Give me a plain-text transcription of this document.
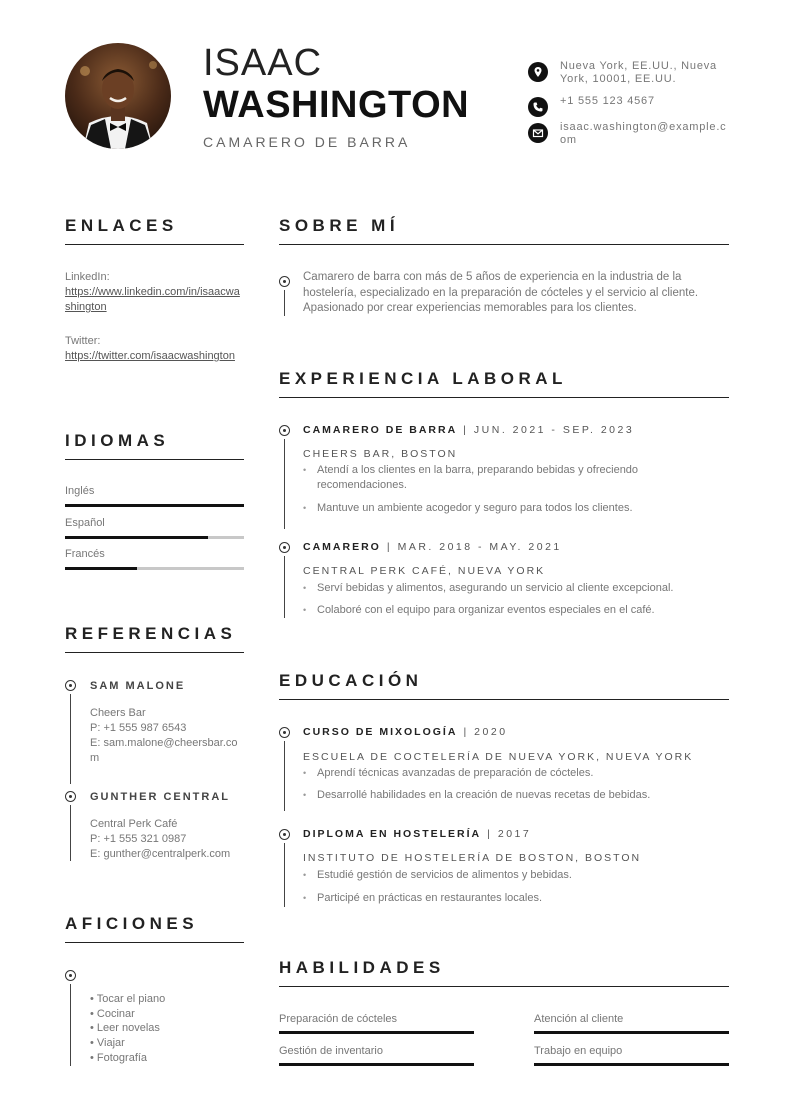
ISAAC
WASHINGTON
CAMARERO DE BARRA
Nueva York, EE.UU., Nueva York, 10001, EE.UU.
+1 555 123 4567
isaac.washington@example.com
ENLACES
LinkedIn:
https://www.linkedin.com/in/isaacwashington
Twitter:
https://twitter.com/isaacwashington
IDIOMAS
Inglés
Español
Francés
REFERENCIAS
SAM MALONE
Cheers Bar
P: +1 555 987 6543
E: sam.malone@cheersbar.com
GUNTHER CENTRAL
Central Perk Café
P: +1 555 321 0987
E: gunther@centralperk.com
AFICIONES
• Tocar el piano
• Cocinar
• Leer novelas
• Viajar
• Fotografía
SOBRE MÍ
Camarero de barra con más de 5 años de experiencia en la industria de la hostelería, especializado en la preparación de cócteles y el servicio al cliente. Apasionado por crear experiencias memorables para los clientes.
EXPERIENCIA LABORAL
CAMARERO DE BARRA | JUN. 2021 - SEP. 2023
CHEERS BAR, BOSTON
• Atendí a los clientes en la barra, preparando bebidas y ofreciendo recomendaciones.
• Mantuve un ambiente acogedor y seguro para todos los clientes.
CAMARERO | MAR. 2018 - MAY. 2021
CENTRAL PERK CAFÉ, NUEVA YORK
• Serví bebidas y alimentos, asegurando un servicio al cliente excepcional.
• Colaboré con el equipo para organizar eventos especiales en el café.
EDUCACIÓN
CURSO DE MIXOLOGÍA | 2020
ESCUELA DE COCTELERÍA DE NUEVA YORK, NUEVA YORK
• Aprendí técnicas avanzadas de preparación de cócteles.
• Desarrollé habilidades en la creación de nuevas recetas de bebidas.
DIPLOMA EN HOSTELERÍA | 2017
INSTITUTO DE HOSTELERÍA DE BOSTON, BOSTON
• Estudié gestión de servicios de alimentos y bebidas.
• Participé en prácticas en restaurantes locales.
HABILIDADES
Preparación de cócteles	Atención al cliente
Gestión de inventario	Trabajo en equipo
